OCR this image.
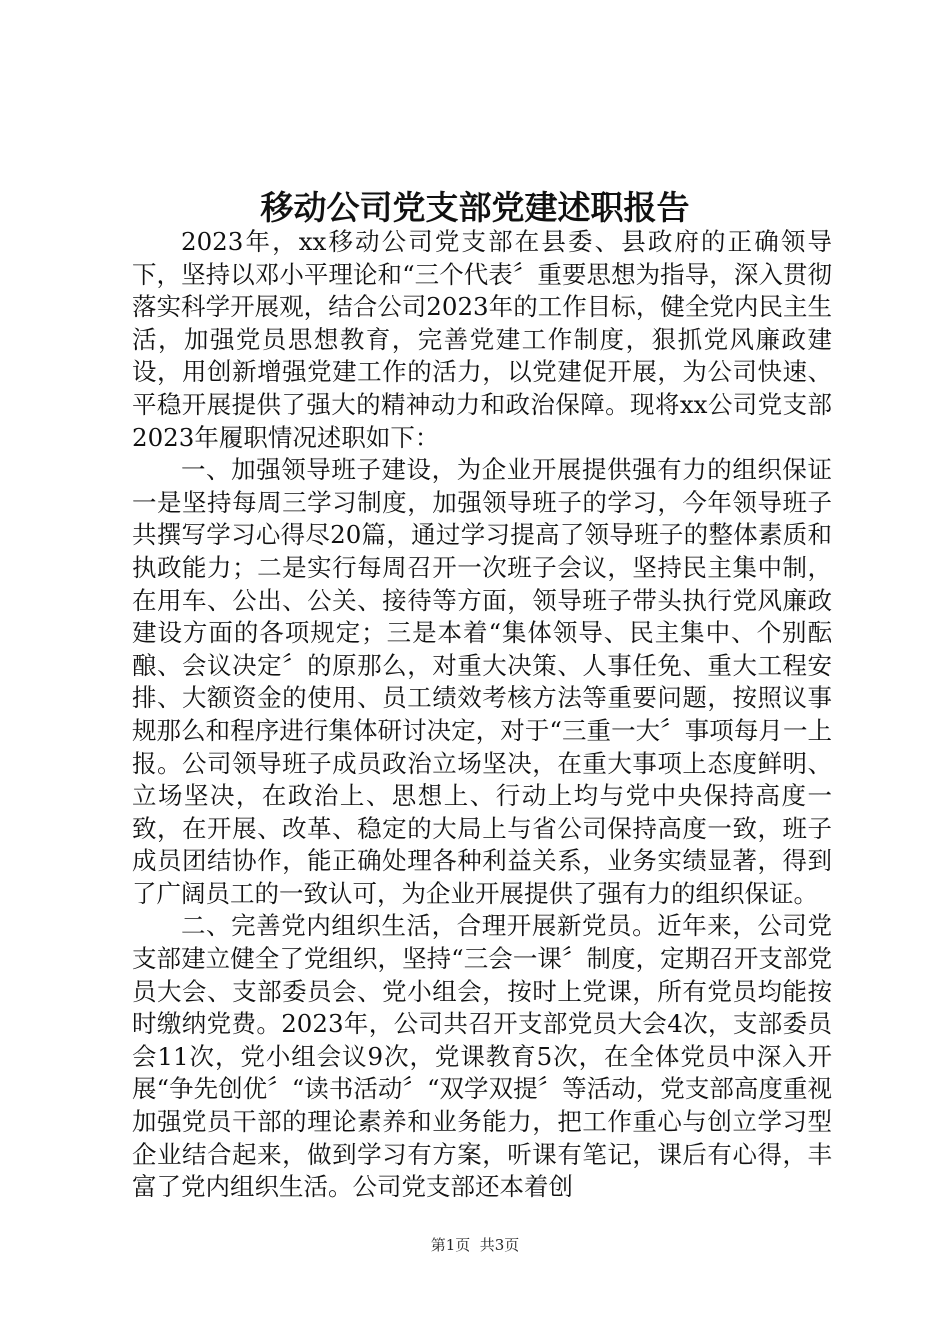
移动公司党支部党建述职报告

2023年，xx移动公司党支部在县委、县政府的正确领导下，坚持以邓小平理论和“三个代表〞重要思想为指导，深入贯彻落实科学开展观，结合公司2023年的工作目标，健全党内民主生活，加强党员思想教育，完善党建工作制度，狠抓党风廉政建设，用创新增强党建工作的活力，以党建促开展，为公司快速、平稳开展提供了强大的精神动力和政治保障。现将xx公司党支部2023年履职情况述职如下：

一、加强领导班子建设，为企业开展提供强有力的组织保证一是坚持每周三学习制度，加强领导班子的学习，今年领导班子共撰写学习心得尽20篇，通过学习提高了领导班子的整体素质和执政能力；二是实行每周召开一次班子会议，坚持民主集中制，在用车、公出、公关、接待等方面，领导班子带头执行党风廉政建设方面的各项规定；三是本着“集体领导、民主集中、个别酝酿、会议决定〞的原那么，对重大决策、人事任免、重大工程安排、大额资金的使用、员工绩效考核方法等重要问题，按照议事规那么和程序进行集体研讨决定，对于“三重一大〞事项每月一上报。公司领导班子成员政治立场坚决，在重大事项上态度鲜明、立场坚决，在政治上、思想上、行动上均与党中央保持高度一致，在开展、改革、稳定的大局上与省公司保持高度一致，班子成员团结协作，能正确处理各种利益关系，业务实绩显著，得到了广阔员工的一致认可，为企业开展提供了强有力的组织保证。

二、完善党内组织生活，合理开展新党员。近年来，公司党支部建立健全了党组织，坚持“三会一课〞制度，定期召开支部党员大会、支部委员会、党小组会，按时上党课，所有党员均能按时缴纳党费。2023年，公司共召开支部党员大会4次，支部委员会11次，党小组会议9次，党课教育5次，在全体党员中深入开展“争先创优〞“读书活动〞“双学双提〞等活动，党支部高度重视加强党员干部的理论素养和业务能力，把工作重心与创立学习型企业结合起来，做到学习有方案，听课有笔记，课后有心得，丰富了党内组织生活。公司党支部还本着创

第1页  共3页
